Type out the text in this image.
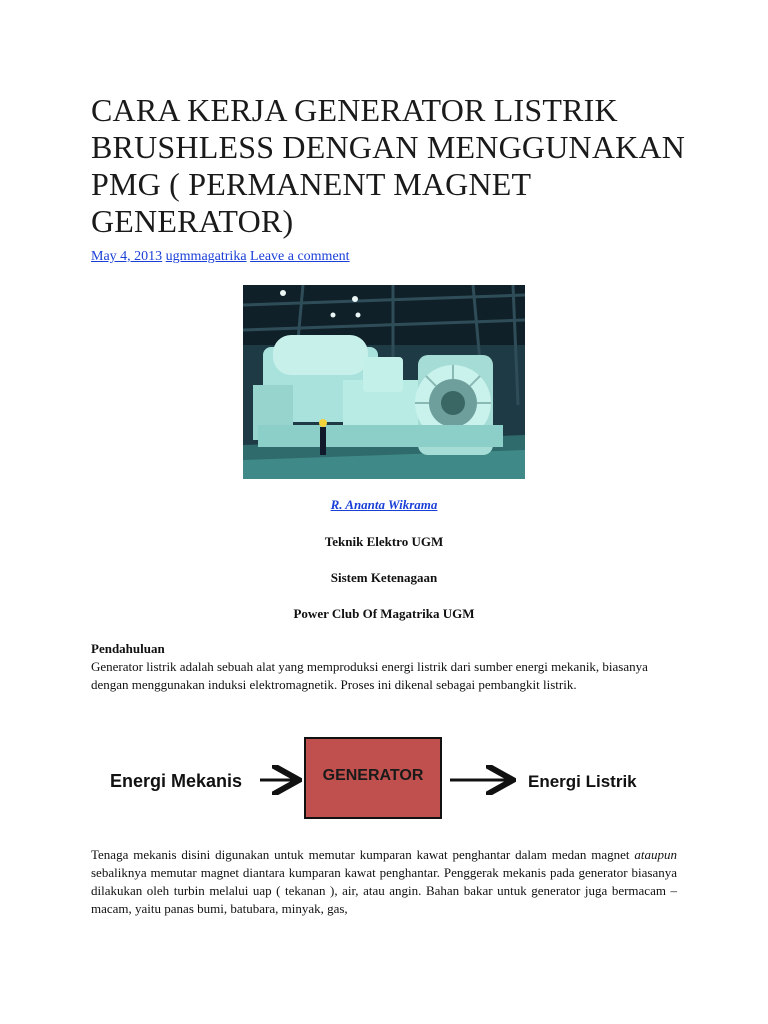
CARA KERJA GENERATOR LISTRIK BRUSHLESS DENGAN MENGGUNAKAN PMG ( PERMANENT MAGNET GENERATOR)
May 4, 2013 ugmmagatrika Leave a comment
R. Ananta Wikrama
Teknik Elektro UGM
Sistem Ketenagaan
Power Club Of Magatrika UGM
Pendahuluan

Generator listrik adalah sebuah alat yang memproduksi energi listrik dari sumber energi mekanik, biasanya dengan menggunakan induksi elektromagnetik. Proses ini dikenal sebagai pembangkit listrik.

Energi Mekanis	GENERATOR	Energi Listrik

Tenaga mekanis disini digunakan untuk memutar kumparan kawat penghantar dalam medan magnet ataupun sebaliknya memutar magnet diantara kumparan kawat penghantar. Penggerak mekanis pada generator biasanya dilakukan oleh turbin melalui uap ( tekanan ), air, atau angin. Bahan bakar untuk generator juga bermacam – macam, yaitu panas bumi, batubara, minyak, gas,
